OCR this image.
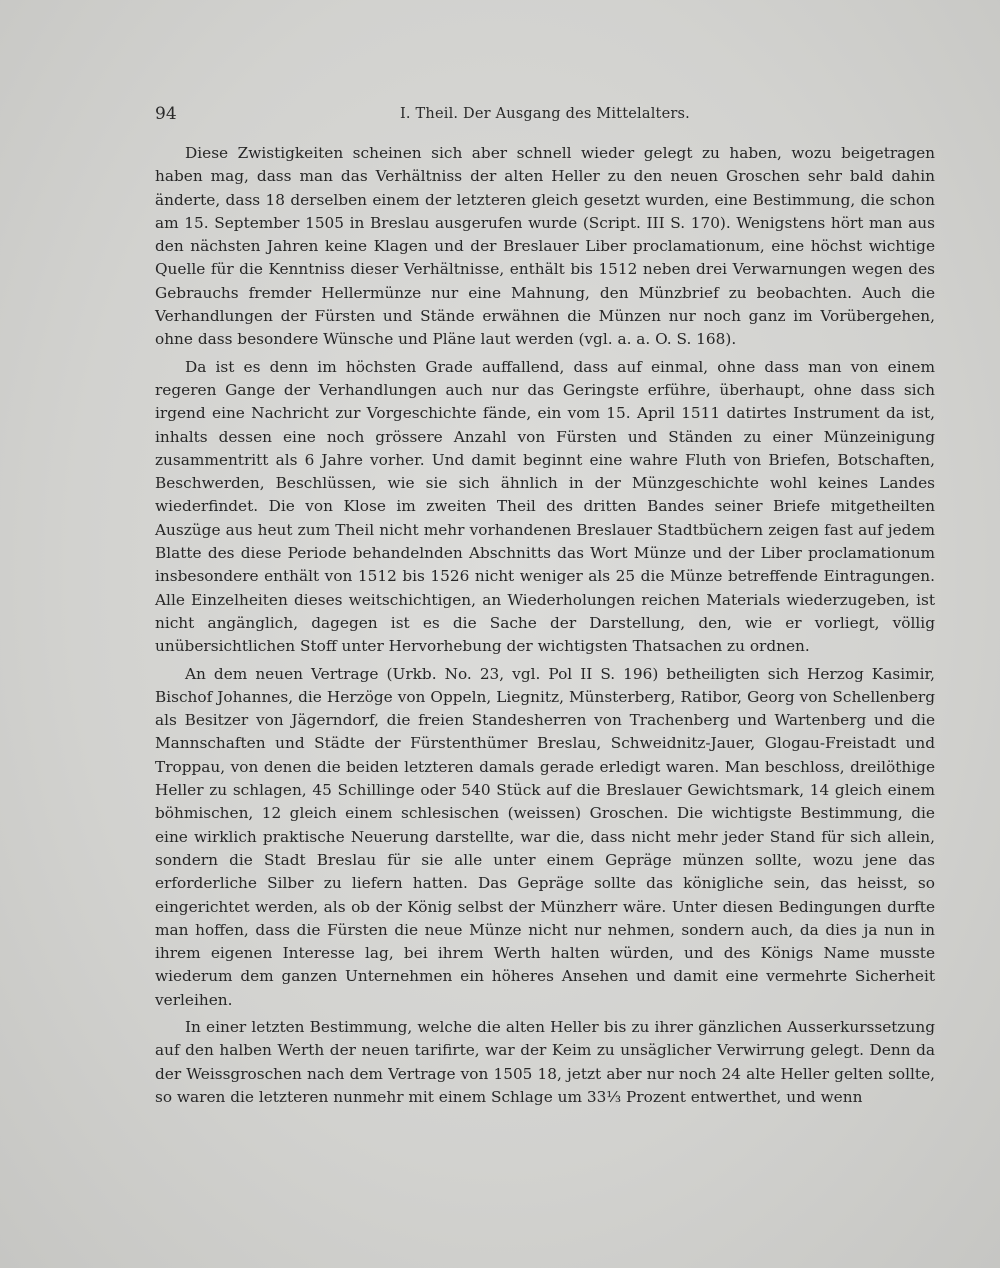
94	I. Theil. Der Ausgang des Mittelalters.

Diese Zwistigkeiten scheinen sich aber schnell wieder gelegt zu haben, wozu beigetragen haben mag, dass man das Verhältniss der alten Heller zu den neuen Groschen sehr bald dahin änderte, dass 18 derselben einem der letzteren gleich gesetzt wurden, eine Bestimmung, die schon am 15. September 1505 in Breslau ausgerufen wurde (Script. III S. 170). Wenigstens hört man aus den nächsten Jahren keine Klagen und der Breslauer Liber proclamationum, eine höchst wichtige Quelle für die Kenntniss dieser Verhältnisse, enthält bis 1512 neben drei Verwarnungen wegen des Gebrauchs fremder Hellermünze nur eine Mahnung, den Münzbrief zu beobachten. Auch die Verhandlungen der Fürsten und Stände erwähnen die Münzen nur noch ganz im Vorübergehen, ohne dass besondere Wünsche und Pläne laut werden (vgl. a. a. O. S. 168).

Da ist es denn im höchsten Grade auffallend, dass auf einmal, ohne dass man von einem regeren Gange der Verhandlungen auch nur das Geringste erführe, überhaupt, ohne dass sich irgend eine Nachricht zur Vorgeschichte fände, ein vom 15. April 1511 datirtes Instrument da ist, inhalts dessen eine noch grössere Anzahl von Fürsten und Ständen zu einer Münzeinigung zusammentritt als 6 Jahre vorher. Und damit beginnt eine wahre Fluth von Briefen, Botschaften, Beschwerden, Beschlüssen, wie sie sich ähnlich in der Münzgeschichte wohl keines Landes wiederfindet. Die von Klose im zweiten Theil des dritten Bandes seiner Briefe mitgetheilten Auszüge aus heut zum Theil nicht mehr vorhandenen Breslauer Stadtbüchern zeigen fast auf jedem Blatte des diese Periode behandelnden Abschnitts das Wort Münze und der Liber proclamationum insbesondere enthält von 1512 bis 1526 nicht weniger als 25 die Münze betreffende Eintragungen. Alle Einzelheiten dieses weitschichtigen, an Wiederholungen reichen Materials wiederzugeben, ist nicht angänglich, dagegen ist es die Sache der Darstellung, den, wie er vorliegt, völlig unübersichtlichen Stoff unter Hervorhebung der wichtigsten Thatsachen zu ordnen.

An dem neuen Vertrage (Urkb. No. 23, vgl. Pol II S. 196) betheiligten sich Herzog Kasimir, Bischof Johannes, die Herzöge von Oppeln, Liegnitz, Münsterberg, Ratibor, Georg von Schellenberg als Besitzer von Jägerndorf, die freien Standesherren von Trachenberg und Wartenberg und die Mannschaften und Städte der Fürstenthümer Breslau, Schweidnitz-Jauer, Glogau-Freistadt und Troppau, von denen die beiden letzteren damals gerade erledigt waren. Man beschloss, dreilöthige Heller zu schlagen, 45 Schillinge oder 540 Stück auf die Breslauer Gewichtsmark, 14 gleich einem böhmischen, 12 gleich einem schlesischen (weissen) Groschen. Die wichtigste Bestimmung, die eine wirklich praktische Neuerung darstellte, war die, dass nicht mehr jeder Stand für sich allein, sondern die Stadt Breslau für sie alle unter einem Gepräge münzen sollte, wozu jene das erforderliche Silber zu liefern hatten. Das Gepräge sollte das königliche sein, das heisst, so eingerichtet werden, als ob der König selbst der Münzherr wäre. Unter diesen Bedingungen durfte man hoffen, dass die Fürsten die neue Münze nicht nur nehmen, sondern auch, da dies ja nun in ihrem eigenen Interesse lag, bei ihrem Werth halten würden, und des Königs Name musste wiederum dem ganzen Unternehmen ein höheres Ansehen und damit eine vermehrte Sicherheit verleihen.

In einer letzten Bestimmung, welche die alten Heller bis zu ihrer gänzlichen Ausserkurssetzung auf den halben Werth der neuen tarifirte, war der Keim zu unsäglicher Verwirrung gelegt. Denn da der Weissgroschen nach dem Vertrage von 1505 18, jetzt aber nur noch 24 alte Heller gelten sollte, so waren die letzteren nunmehr mit einem Schlage um 33⅓ Prozent entwerthet, und wenn
